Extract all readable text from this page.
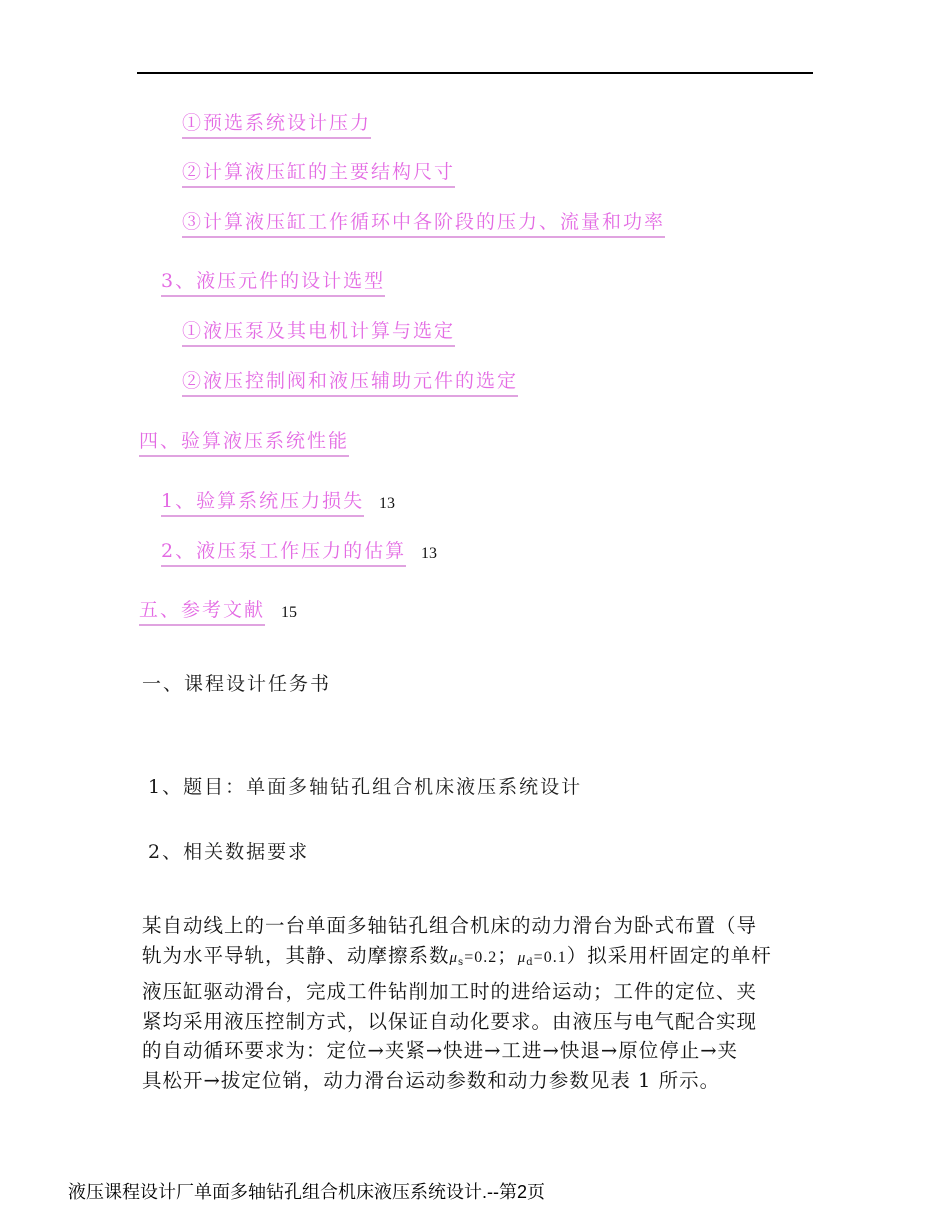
①预选系统设计压力
②计算液压缸的主要结构尺寸
③计算液压缸工作循环中各阶段的压力、流量和功率
3、液压元件的设计选型
①液压泵及其电机计算与选定
②液压控制阀和液压辅助元件的选定
四、验算液压系统性能
1、验算系统压力损失 13
2、液压泵工作压力的估算 13
五、参考文献 15
一、课程设计任务书
1、题目：单面多轴钻孔组合机床液压系统设计
2、相关数据要求
某自动线上的一台单面多轴钻孔组合机床的动力滑台为卧式布置（导
轨为水平导轨，其静、动摩擦系数$\mu_s=0.2$；$\mu_d=0.1$）拟采用杆固定的单杆
液压缸驱动滑台，完成工件钻削加工时的进给运动；工件的定位、夹
紧均采用液压控制方式，以保证自动化要求。由液压与电气配合实现
的自动循环要求为：定位→夹紧→快进→工进→快退→原位停止→夹
具松开→拔定位销，动力滑台运动参数和动力参数见表 1 所示。
液压课程设计厂单面多轴钻孔组合机床液压系统设计.--第2页
